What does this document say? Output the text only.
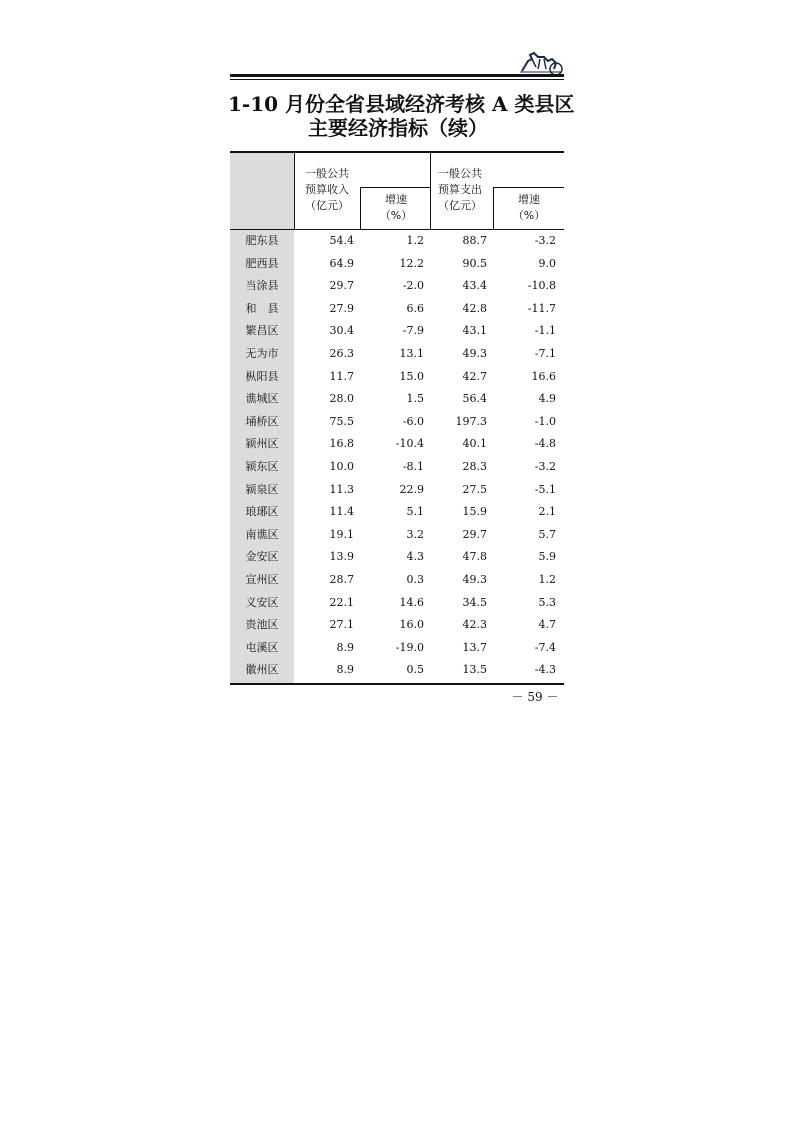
1-10 月份全省县域经济考核 A 类县区
主要经济指标（续）
一般公共
预算收入
（亿元）	增速
（%）
一般公共
预算支出
（亿元）	增速
（%）
肥东县	54.4	1.2	88.7	-3.2
肥西县	64.9	12.2	90.5	9.0
当涂县	29.7	-2.0	43.4	-10.8
和　县	27.9	6.6	42.8	-11.7
繁昌区	30.4	-7.9	43.1	-1.1
无为市	26.3	13.1	49.3	-7.1
枞阳县	11.7	15.0	42.7	16.6
谯城区	28.0	1.5	56.4	4.9
埇桥区	75.5	-6.0	197.3	-1.0
颍州区	16.8	-10.4	40.1	-4.8
颍东区	10.0	-8.1	28.3	-3.2
颍泉区	11.3	22.9	27.5	-5.1
琅琊区	11.4	5.1	15.9	2.1
南谯区	19.1	3.2	29.7	5.7
金安区	13.9	4.3	47.8	5.9
宣州区	28.7	0.3	49.3	1.2
义安区	22.1	14.6	34.5	5.3
贵池区	27.1	16.0	42.3	4.7
屯溪区	8.9	-19.0	13.7	-7.4
徽州区	8.9	0.5	13.5	-4.3
－ 59 －
